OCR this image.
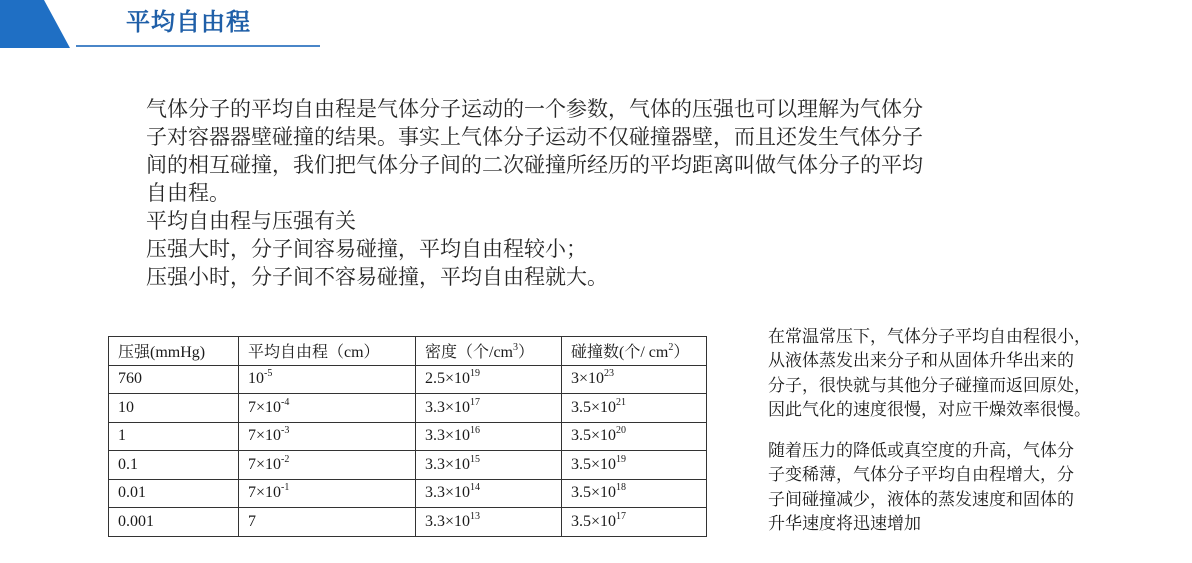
平均自由程
气体分子的平均自由程是气体分子运动的一个参数，气体的压强也可以理解为气体分
子对容器器壁碰撞的结果。事实上气体分子运动不仅碰撞器壁，而且还发生气体分子
间的相互碰撞，我们把气体分子间的二次碰撞所经历的平均距离叫做气体分子的平均
自由程。
平均自由程与压强有关
压强大时，分子间容易碰撞，平均自由程较小；
压强小时，分子间不容易碰撞，平均自由程就大。
压强(mmHg)	平均自由程（cm）	密度（个$/cm^3$）	碰撞数(个/ $cm^2$）
760	$10^{-5}$	$2.5\times 10^{19}$	$3\times 10^{23}$
10	$7\times 10^{-4}$	$3.3\times 10^{17}$	$3.5\times 10^{21}$
1	$7\times 10^{-3}$	$3.3\times 10^{16}$	$3.5\times 10^{20}$
0.1	$7\times 10^{-2}$	$3.3\times 10^{15}$	$3.5\times 10^{19}$
0.01	$7\times 10^{-1}$	$3.3\times 10^{14}$	$3.5\times 10^{18}$
0.001	7	$3.3\times 10^{13}$	$3.5\times 10^{17}$
在常温常压下，气体分子平均自由程很小，
从液体蒸发出来分子和从固体升华出来的
分子，很快就与其他分子碰撞而返回原处，
因此气化的速度很慢，对应干燥效率很慢。
随着压力的降低或真空度的升高，气体分
子变稀薄，气体分子平均自由程增大，分
子间碰撞减少，液体的蒸发速度和固体的
升华速度将迅速增加
